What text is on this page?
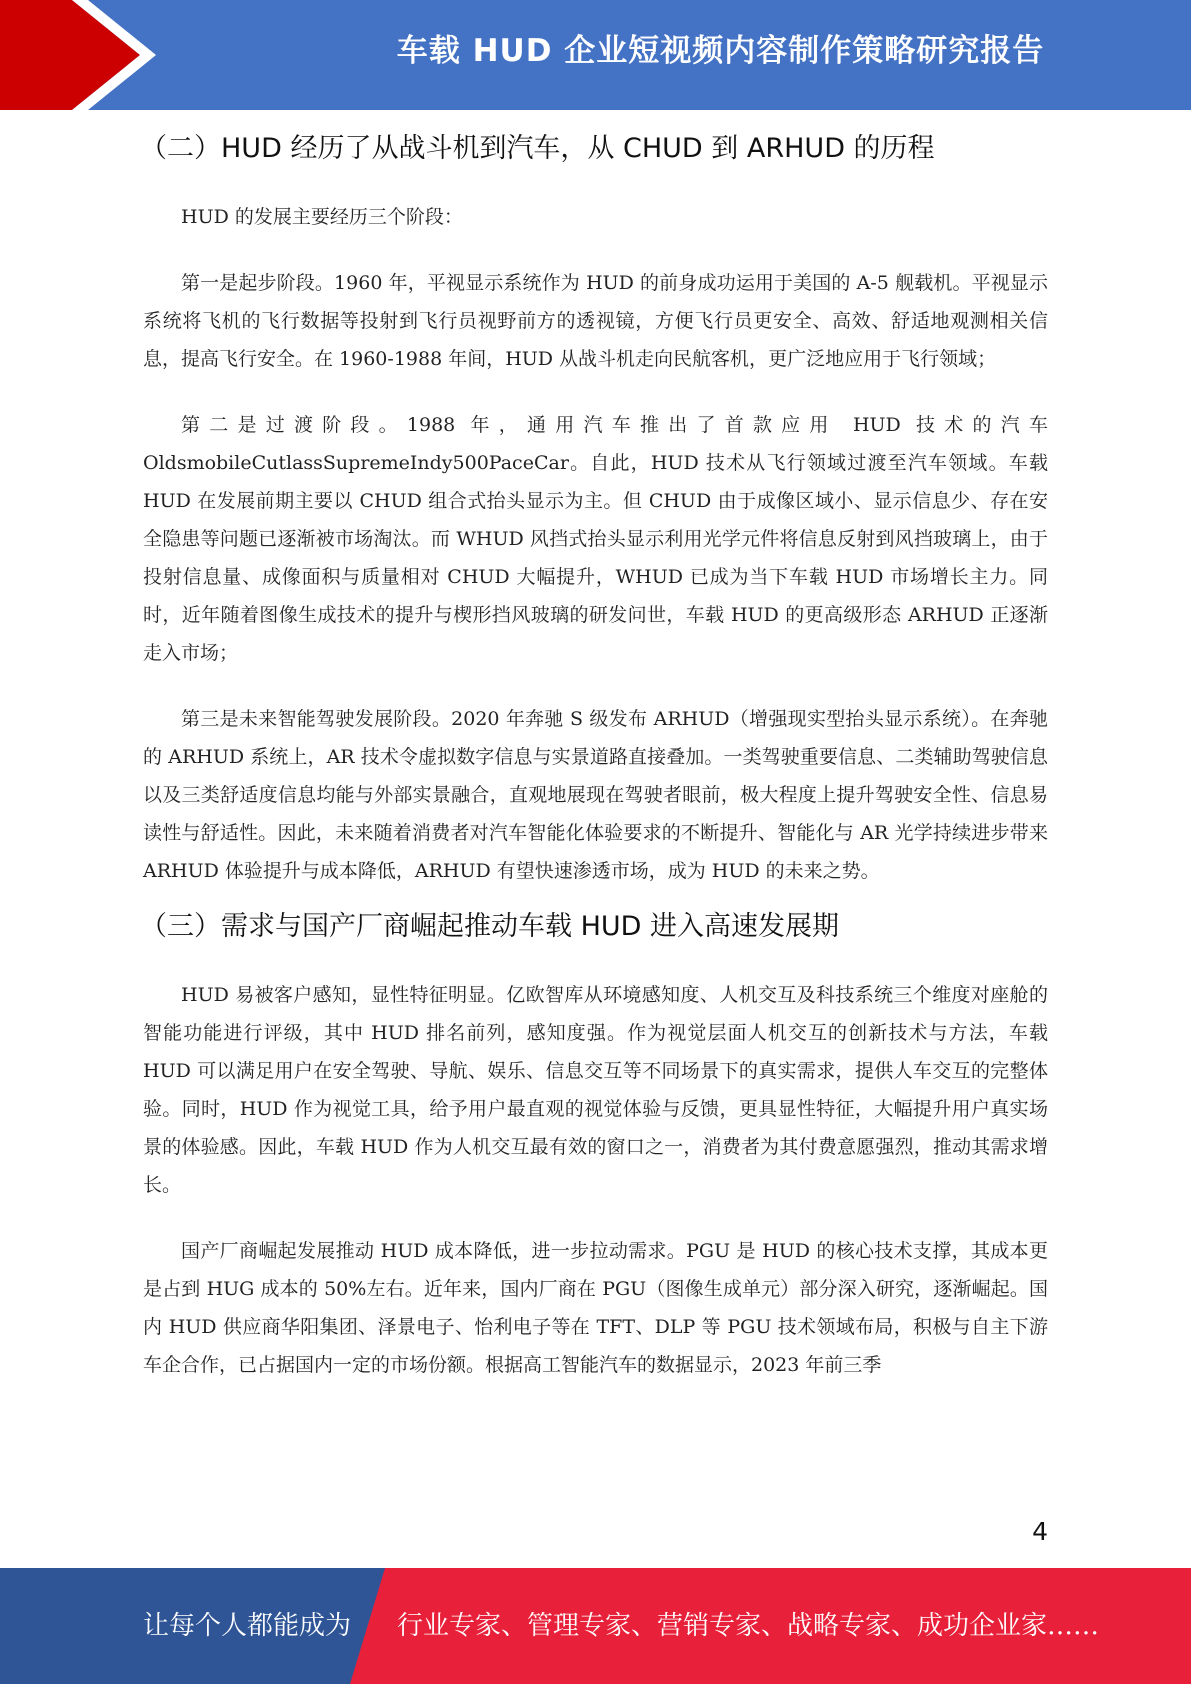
车载 HUD 企业短视频内容制作策略研究报告
（二）HUD 经历了从战斗机到汽车，从 CHUD 到 ARHUD 的历程

HUD 的发展主要经历三个阶段：

第一是起步阶段。1960 年，平视显示系统作为 HUD 的前身成功运用于美国的 A-5 舰载机。平视显示系统将飞机的飞行数据等投射到飞行员视野前方的透视镜，方便飞行员更安全、高效、舒适地观测相关信息，提高飞行安全。在 1960-1988 年间，HUD 从战斗机走向民航客机，更广泛地应用于飞行领域；

第二是过渡阶段。1988 年，通用汽车推出了首款应用 HUD 技术的汽车 OldsmobileCutlassSupremeIndy500PaceCar。自此，HUD 技术从飞行领域过渡至汽车领域。车载 HUD 在发展前期主要以 CHUD 组合式抬头显示为主。但 CHUD 由于成像区域小、显示信息少、存在安全隐患等问题已逐渐被市场淘汰。而 WHUD 风挡式抬头显示利用光学元件将信息反射到风挡玻璃上，由于投射信息量、成像面积与质量相对 CHUD 大幅提升，WHUD 已成为当下车载 HUD 市场增长主力。同时，近年随着图像生成技术的提升与楔形挡风玻璃的研发问世，车载 HUD 的更高级形态 ARHUD 正逐渐走入市场；

第三是未来智能驾驶发展阶段。2020 年奔驰 S 级发布 ARHUD（增强现实型抬头显示系统）。在奔驰的 ARHUD 系统上，AR 技术令虚拟数字信息与实景道路直接叠加。一类驾驶重要信息、二类辅助驾驶信息以及三类舒适度信息均能与外部实景融合，直观地展现在驾驶者眼前，极大程度上提升驾驶安全性、信息易读性与舒适性。因此，未来随着消费者对汽车智能化体验要求的不断提升、智能化与 AR 光学持续进步带来 ARHUD 体验提升与成本降低，ARHUD 有望快速渗透市场，成为 HUD 的未来之势。

（三）需求与国产厂商崛起推动车载 HUD 进入高速发展期

HUD 易被客户感知，显性特征明显。亿欧智库从环境感知度、人机交互及科技系统三个维度对座舱的智能功能进行评级，其中 HUD 排名前列，感知度强。作为视觉层面人机交互的创新技术与方法，车载 HUD 可以满足用户在安全驾驶、导航、娱乐、信息交互等不同场景下的真实需求，提供人车交互的完整体验。同时，HUD 作为视觉工具，给予用户最直观的视觉体验与反馈，更具显性特征，大幅提升用户真实场景的体验感。因此，车载 HUD 作为人机交互最有效的窗口之一，消费者为其付费意愿强烈，推动其需求增长。

国产厂商崛起发展推动 HUD 成本降低，进一步拉动需求。PGU 是 HUD 的核心技术支撑，其成本更是占到 HUG 成本的 50%左右。近年来，国内厂商在 PGU（图像生成单元）部分深入研究，逐渐崛起。国内 HUD 供应商华阳集团、泽景电子、怡利电子等在 TFT、DLP 等 PGU 技术领域布局，积极与自主下游车企合作，已占据国内一定的市场份额。根据高工智能汽车的数据显示，2023 年前三季

4
让每个人都能成为 行业专家、管理专家、营销专家、战略专家、成功企业家……
